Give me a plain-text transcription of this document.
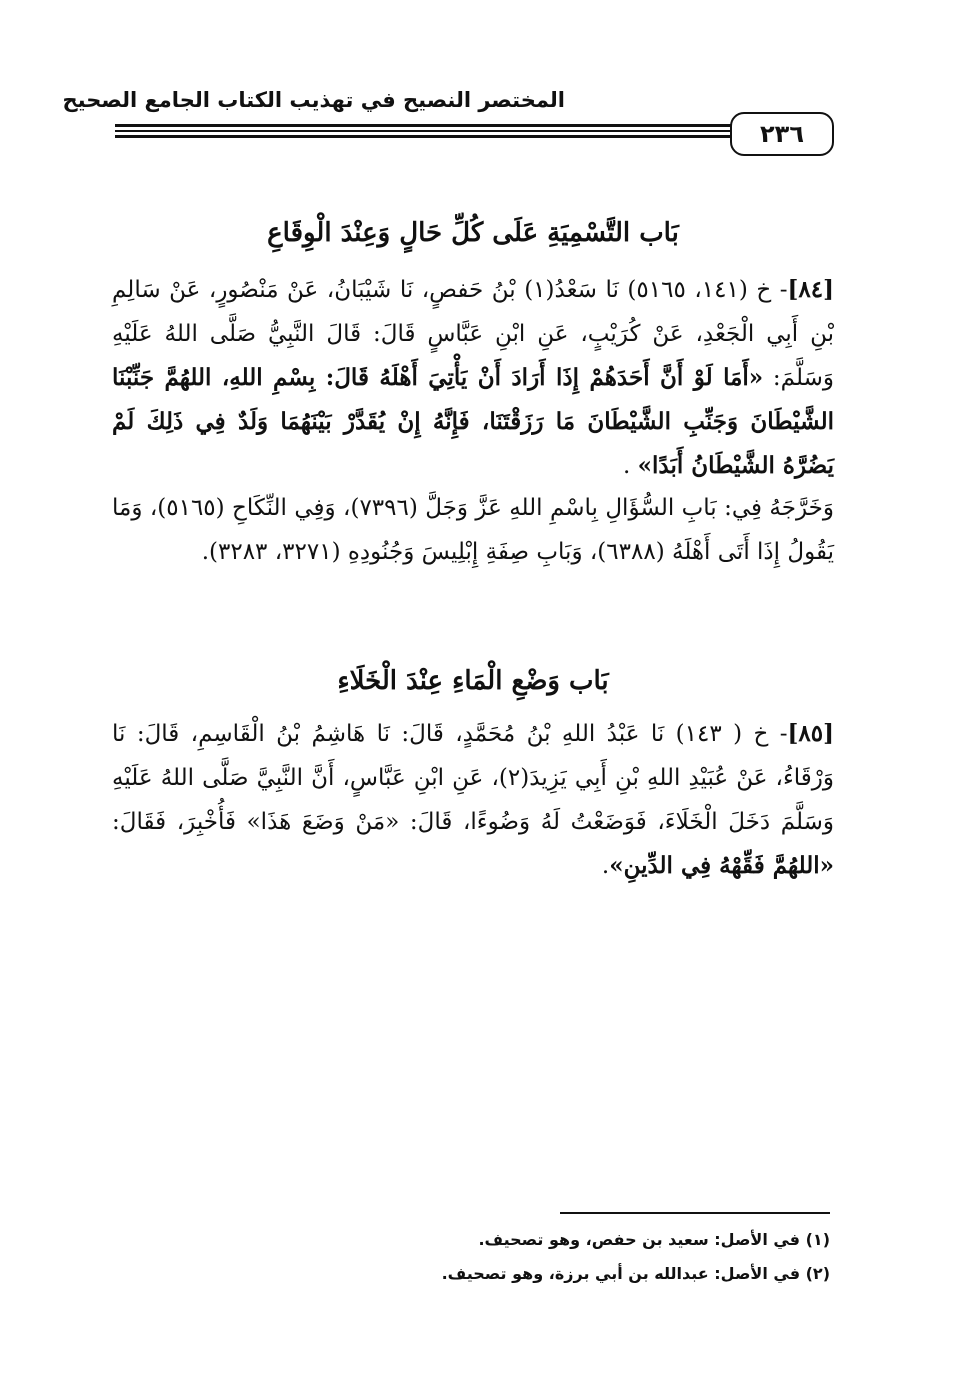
المختصر النصيح في تهذيب الكتاب الجامع الصحيح
٢٣٦
بَاب التَّسْمِيَةِ عَلَى كُلِّ حَالٍ وَعِنْدَ الْوِقَاعِ
[٨٤]- خ (١٤١، ٥١٦٥) نَا سَعْدُ(١) بْنُ حَفصٍ، نَا شَيْبَانُ، عَنْ مَنْصُورٍ، عَنْ سَالِمِ بْنِ أَبِي الْجَعْدِ، عَنْ كُرَيْبٍ، عَنِ ابْنِ عَبَّاسٍ قَالَ: قَالَ النَّبِيُّ صَلَّى اللهُ عَلَيْهِ وَسَلَّمَ: «أَمَا لَوْ أَنَّ أَحَدَهُمْ إِذَا أَرَادَ أَنْ يَأْتِيَ أَهْلَهُ قَالَ: بِسْمِ اللهِ، اللهُمَّ جَنِّبْنَا الشَّيْطَانَ وَجَنِّبِ الشَّيْطَانَ مَا رَزَقْتَنَا، فَإِنَّهُ إِنْ يُقَدَّرْ بَيْنَهُمَا وَلَدٌ فِي ذَلِكَ لَمْ يَضُرَّهُ الشَّيْطَانُ أَبَدًا» .
وَخَرَّجَهُ فِي: بَابِ السُّؤَالِ بِاسْمِ اللهِ عَزَّ وَجَلَّ (٧٣٩٦)، وَفِي النِّكَاحِ (٥١٦٥)، وَمَا يَقُولُ إِذَا أَتَى أَهْلَهُ (٦٣٨٨)، وَبَابِ صِفَةِ إِبْلِيسَ وَجُنُودِهِ (٣٢٧١، ٣٢٨٣).
بَاب وَضْعِ الْمَاءِ عِنْدَ الْخَلَاءِ
[٨٥]- خ ( ١٤٣) نَا عَبْدُ اللهِ بْنُ مُحَمَّدٍ، قَالَ: نَا هَاشِمُ بْنُ الْقَاسِمِ، قَالَ: نَا وَرْقَاءُ، عَنْ عُبَيْدِ اللهِ بْنِ أَبِي يَزِيدَ(٢)، عَنِ ابْنِ عَبَّاسٍ، أَنَّ النَّبِيَّ صَلَّى اللهُ عَلَيْهِ وَسَلَّمَ دَخَلَ الْخَلَاءَ، فَوَضَعْتُ لَهُ وَضُوءًا، قَالَ: «مَنْ وَضَعَ هَذَا» فَأُخْبِرَ، فَقَالَ: «اللهُمَّ فَقِّهْهُ فِي الدِّينِ».
(١) في الأصل: سعيد بن حفص، وهو تصحيف.
(٢) في الأصل: عبدالله بن أبي برزة، وهو تصحيف.
